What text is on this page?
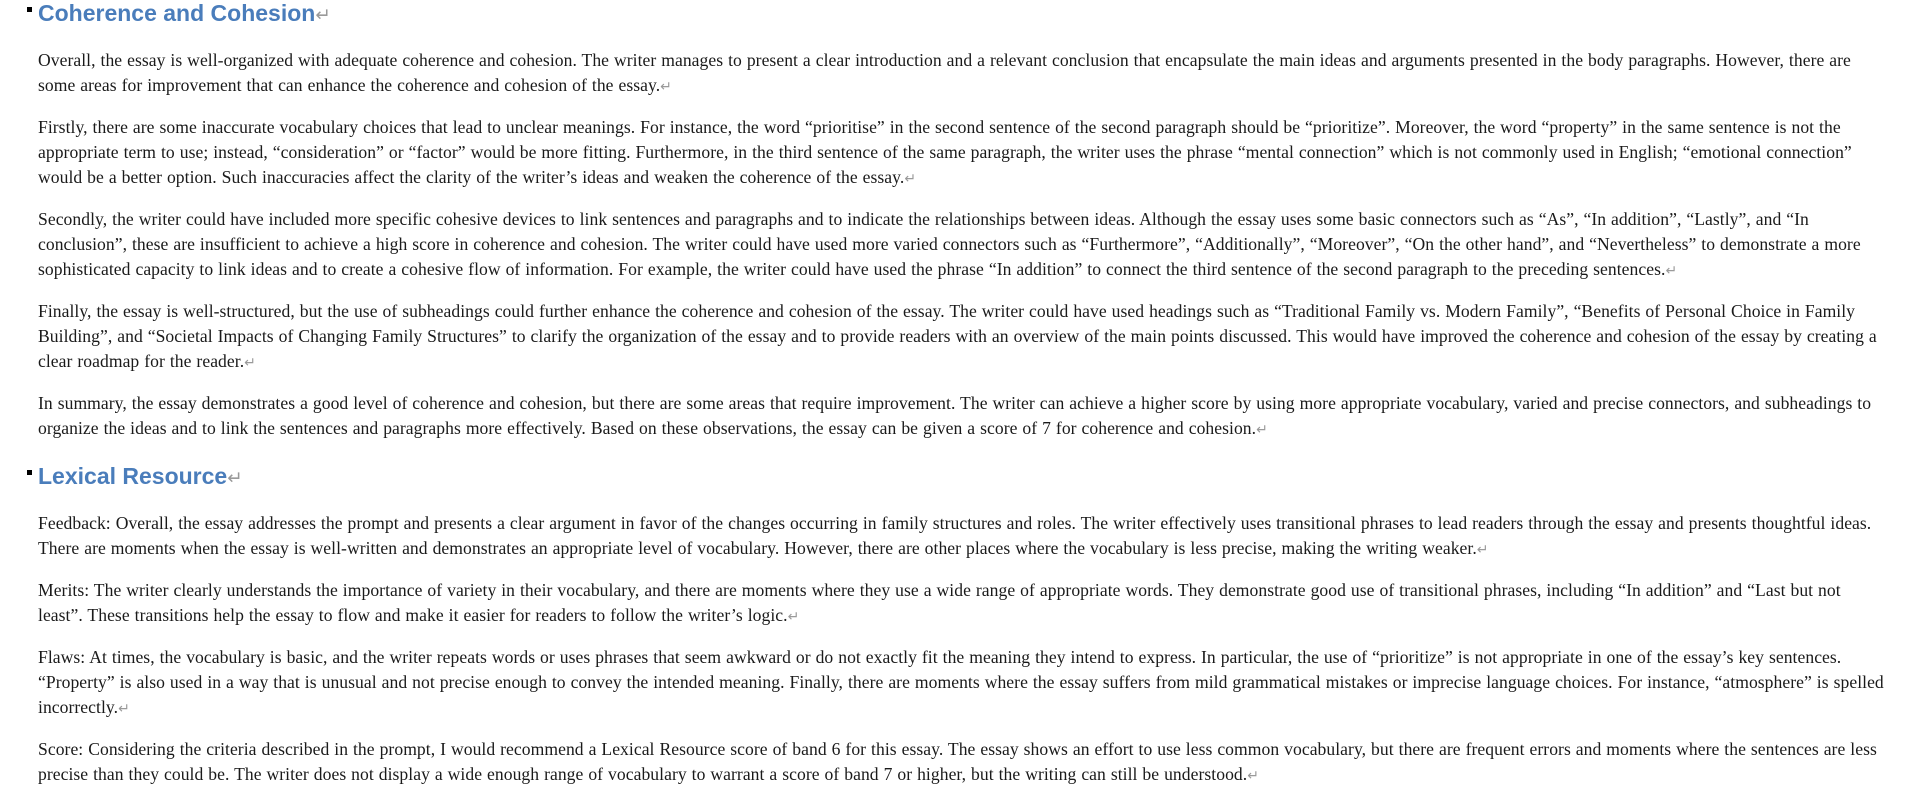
Coherence and Cohesion↵

Overall, the essay is well-organized with adequate coherence and cohesion. The writer manages to present a clear introduction and a relevant conclusion that encapsulate the main ideas and arguments presented in the body paragraphs. However, there are some areas for improvement that can enhance the coherence and cohesion of the essay.↵

Firstly, there are some inaccurate vocabulary choices that lead to unclear meanings. For instance, the word “prioritise” in the second sentence of the second paragraph should be “prioritize”. Moreover, the word “property” in the same sentence is not the appropriate term to use; instead, “consideration” or “factor” would be more fitting. Furthermore, in the third sentence of the same paragraph, the writer uses the phrase “mental connection” which is not commonly used in English; “emotional connection” would be a better option. Such inaccuracies affect the clarity of the writer’s ideas and weaken the coherence of the essay.↵

Secondly, the writer could have included more specific cohesive devices to link sentences and paragraphs and to indicate the relationships between ideas. Although the essay uses some basic connectors such as “As”, “In addition”, “Lastly”, and “In conclusion”, these are insufficient to achieve a high score in coherence and cohesion. The writer could have used more varied connectors such as “Furthermore”, “Additionally”, “Moreover”, “On the other hand”, and “Nevertheless” to demonstrate a more sophisticated capacity to link ideas and to create a cohesive flow of information. For example, the writer could have used the phrase “In addition” to connect the third sentence of the second paragraph to the preceding sentences.↵

Finally, the essay is well-structured, but the use of subheadings could further enhance the coherence and cohesion of the essay. The writer could have used headings such as “Traditional Family vs. Modern Family”, “Benefits of Personal Choice in Family Building”, and “Societal Impacts of Changing Family Structures” to clarify the organization of the essay and to provide readers with an overview of the main points discussed. This would have improved the coherence and cohesion of the essay by creating a clear roadmap for the reader.↵

In summary, the essay demonstrates a good level of coherence and cohesion, but there are some areas that require improvement. The writer can achieve a higher score by using more appropriate vocabulary, varied and precise connectors, and subheadings to organize the ideas and to link the sentences and paragraphs more effectively. Based on these observations, the essay can be given a score of 7 for coherence and cohesion.↵

Lexical Resource↵

Feedback: Overall, the essay addresses the prompt and presents a clear argument in favor of the changes occurring in family structures and roles. The writer effectively uses transitional phrases to lead readers through the essay and presents thoughtful ideas. There are moments when the essay is well-written and demonstrates an appropriate level of vocabulary. However, there are other places where the vocabulary is less precise, making the writing weaker.↵

Merits: The writer clearly understands the importance of variety in their vocabulary, and there are moments where they use a wide range of appropriate words. They demonstrate good use of transitional phrases, including “In addition” and “Last but not least”. These transitions help the essay to flow and make it easier for readers to follow the writer’s logic.↵

Flaws: At times, the vocabulary is basic, and the writer repeats words or uses phrases that seem awkward or do not exactly fit the meaning they intend to express. In particular, the use of “prioritize” is not appropriate in one of the essay’s key sentences. “Property” is also used in a way that is unusual and not precise enough to convey the intended meaning. Finally, there are moments where the essay suffers from mild grammatical mistakes or imprecise language choices. For instance, “atmosphere” is spelled incorrectly.↵

Score: Considering the criteria described in the prompt, I would recommend a Lexical Resource score of band 6 for this essay. The essay shows an effort to use less common vocabulary, but there are frequent errors and moments where the sentences are less precise than they could be. The writer does not display a wide enough range of vocabulary to warrant a score of band 7 or higher, but the writing can still be understood.↵
